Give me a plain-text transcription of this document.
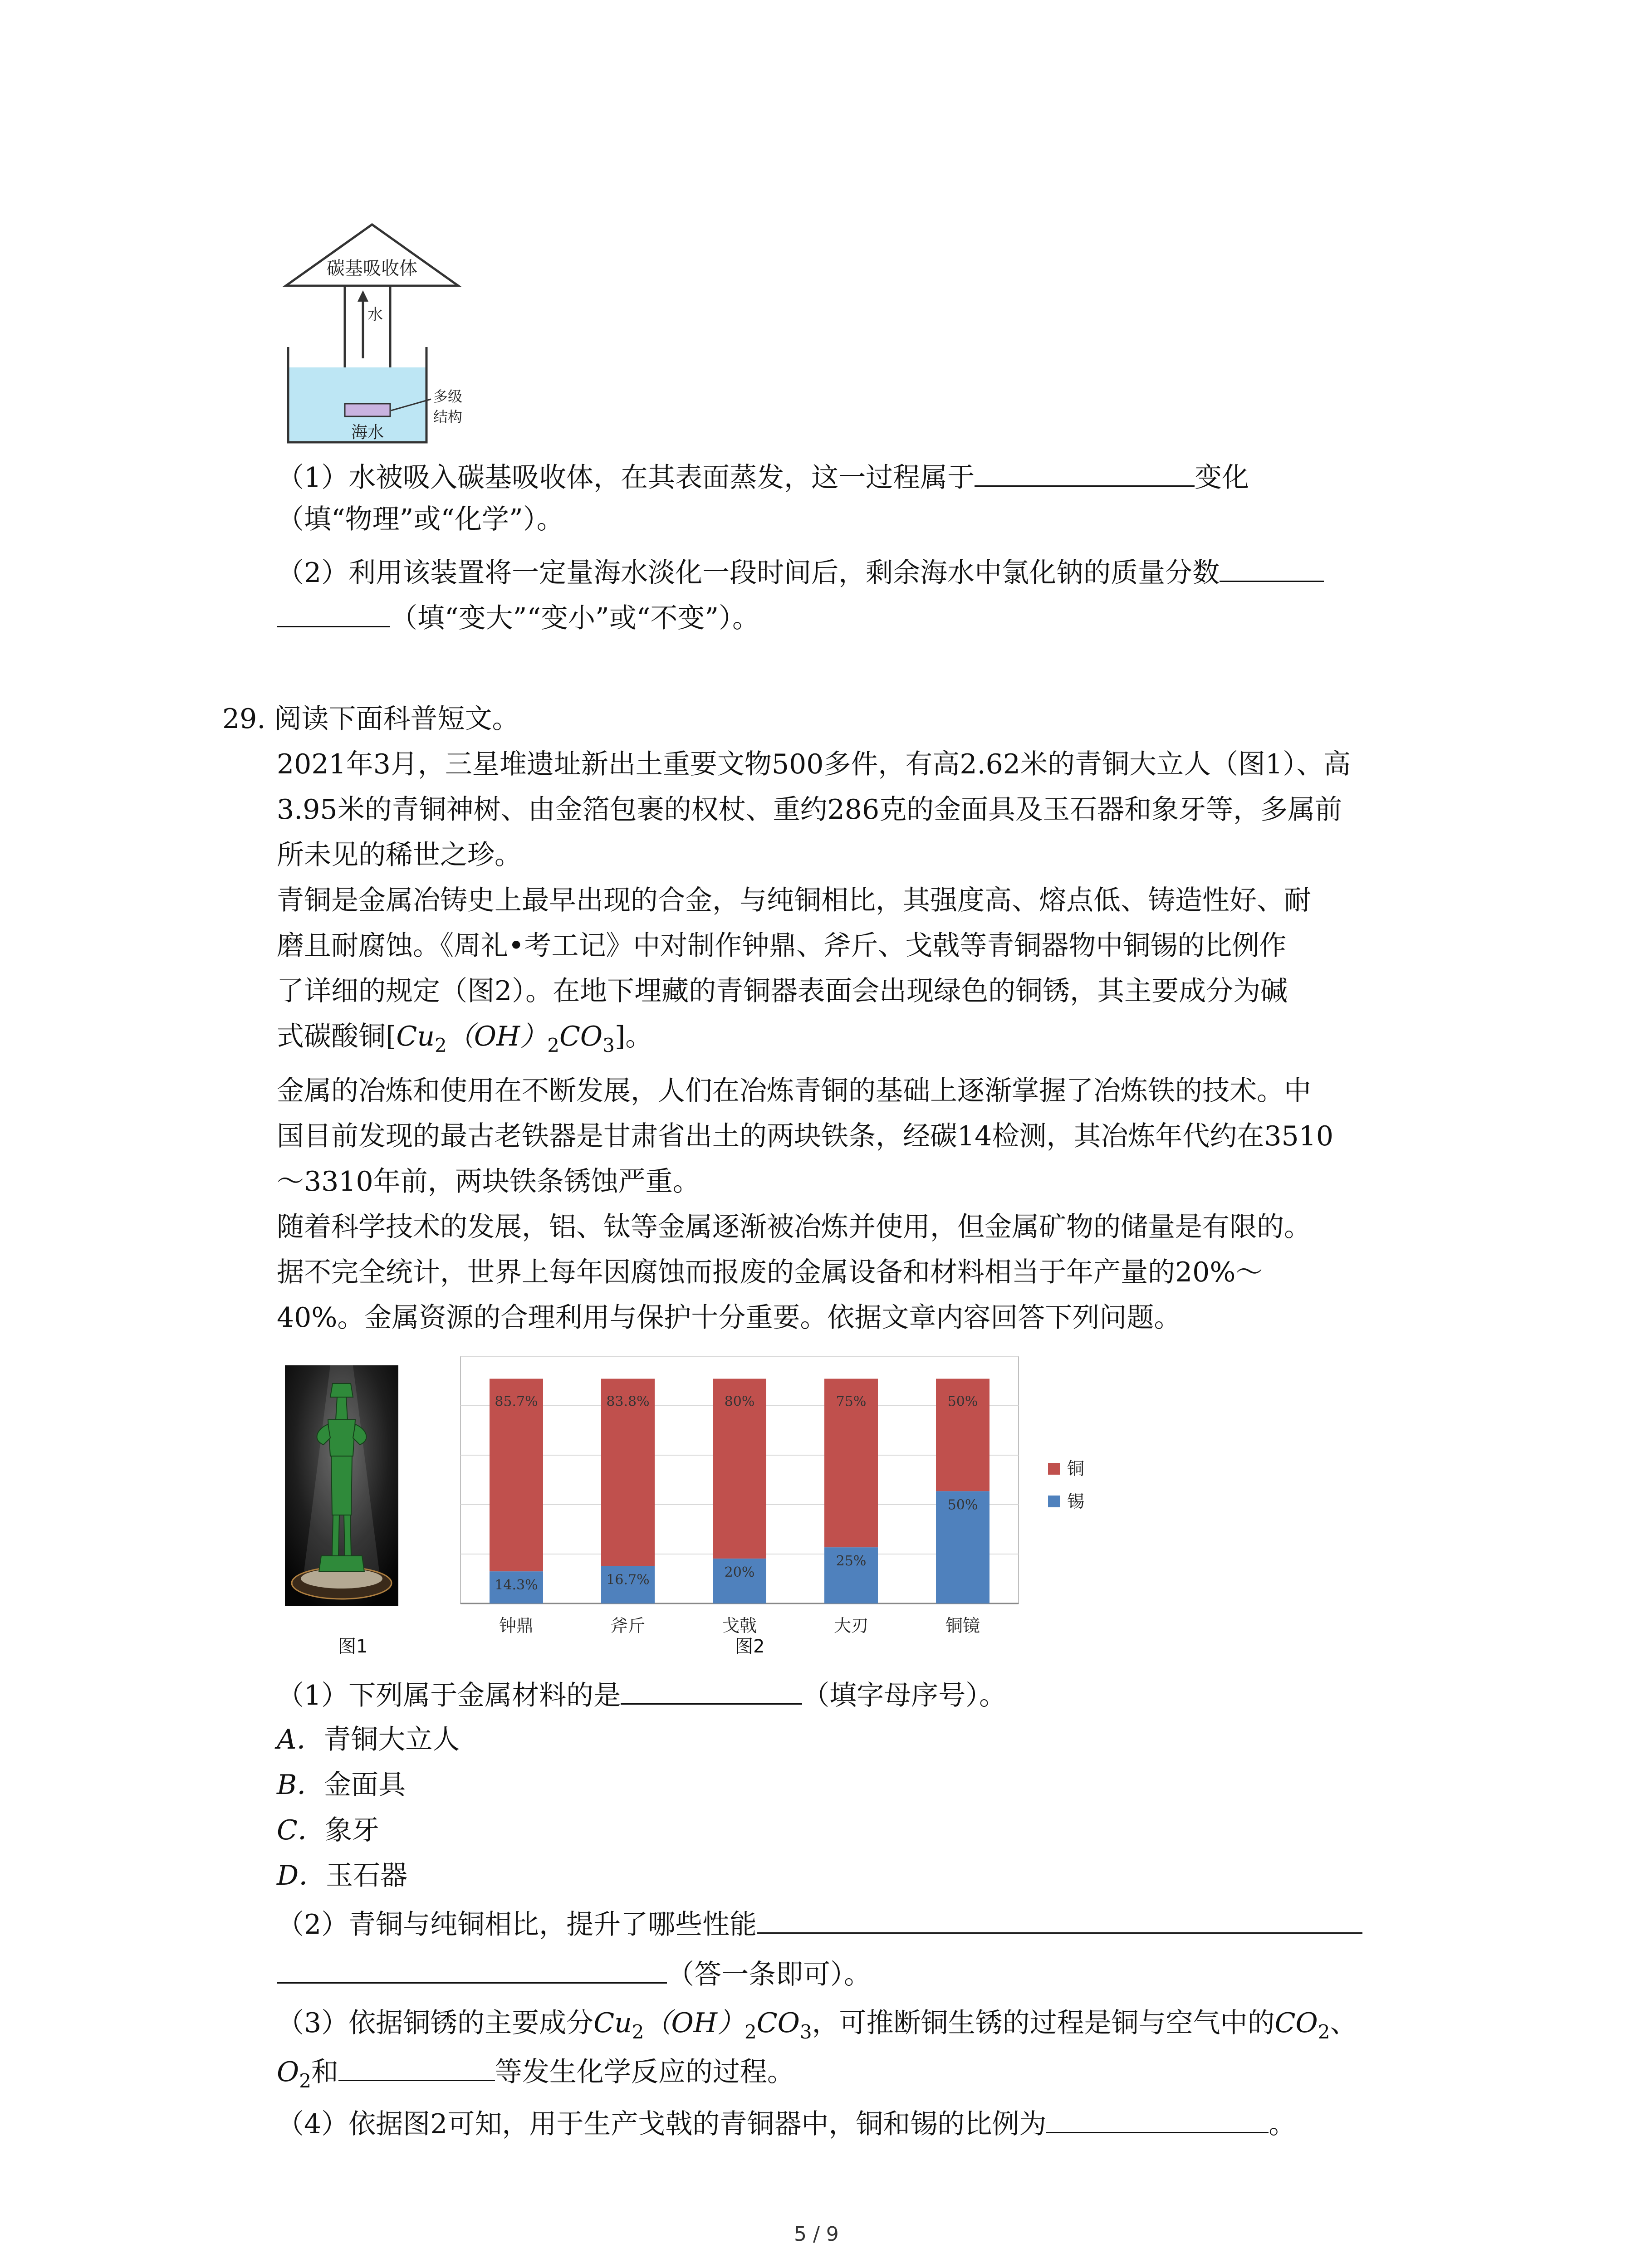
碳基吸收体
水
海水
多级
结构
（1）水被吸入碳基吸收体，在其表面蒸发，这一过程属于	变化
（填“物理”或“化学”）。
（2）利用该装置将一定量海水淡化一段时间后，剩余海水中氯化钠的质量分数
（填“变大”“变小”或“不变”）。
29. 阅读下面科普短文。
2021年3月，三星堆遗址新出土重要文物500多件，有高2.62米的青铜大立人（图1）、高
3.95米的青铜神树、由金箔包裹的权杖、重约286克的金面具及玉石器和象牙等，多属前
所未见的稀世之珍。
青铜是金属冶铸史上最早出现的合金，与纯铜相比，其强度高、熔点低、铸造性好、耐
磨且耐腐蚀。《周礼•考工记》中对制作钟鼎、斧斤、戈戟等青铜器物中铜锡的比例作
了详细的规定（图2）。在地下埋藏的青铜器表面会出现绿色的铜锈，其主要成分为碱
式碳酸铜$[Cu_2(OH)_2CO_3]$。
金属的冶炼和使用在不断发展，人们在冶炼青铜的基础上逐渐掌握了冶炼铁的技术。中
国目前发现的最古老铁器是甘肃省出土的两块铁条，经碳14检测，其冶炼年代约在3510
～3310年前，两块铁条锈蚀严重。
随着科学技术的发展，铝、钛等金属逐渐被冶炼并使用，但金属矿物的储量是有限的。
据不完全统计，世界上每年因腐蚀而报废的金属设备和材料相当于年产量的20%～
40%。金属资源的合理利用与保护十分重要。依据文章内容回答下列问题。
图1
14.3%
85.7%
钟鼎
16.7%
83.8%
斧斤
20%
80%
戈戟
25%
75%
大刃
50%
50%
铜镜
铜
锡
图2
（1）下列属于金属材料的是	（填字母序号）。
A．青铜大立人
B．金面具
C．象牙
D．玉石器
（2）青铜与纯铜相比，提升了哪些性能
（答一条即可）。
（3）依据铜锈的主要成分$Cu_2(OH)_2CO_3$，可推断铜生锈的过程是铜与空气中的$CO_2$、
$O_2$和	等发生化学反应的过程。
（4）依据图2可知，用于生产戈戟的青铜器中，铜和锡的比例为	。
5 / 9
